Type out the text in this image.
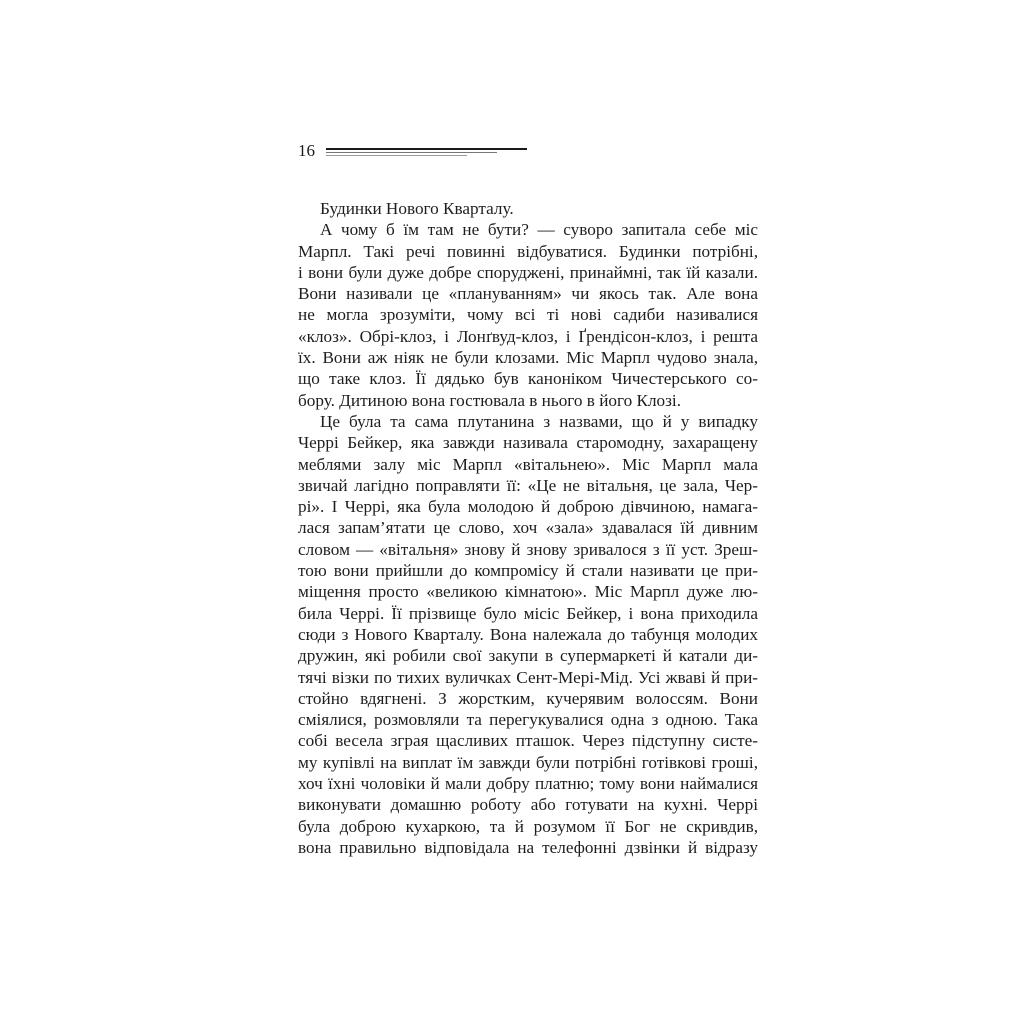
16
Будинки Нового Кварталу.
А чому б їм там не бути? — суворо запитала себе міс
Марпл. Такі речі повинні відбуватися. Будинки потрібні,
і вони були дуже добре споруджені, принаймні, так їй казали.
Вони називали це «плануванням» чи якось так. Але вона
не могла зрозуміти, чому всі ті нові садиби називалися
«клоз». Обрі-клоз, і Лонґвуд-клоз, і Ґрендісон-клоз, і решта
їх. Вони аж ніяк не були клозами. Міс Марпл чудово знала,
що таке клоз. Її дядько був каноніком Чичестерського со-
бору. Дитиною вона гостювала в нього в його Клозі.
Це була та сама плутанина з назвами, що й у випадку
Черрі Бейкер, яка завжди називала старомодну, захаращену
меблями залу міс Марпл «вітальнею». Міс Марпл мала
звичай лагідно поправляти її: «Це не вітальня, це зала, Чер-
рі». І Черрі, яка була молодою й доброю дівчиною, намага-
лася запам’ятати це слово, хоч «зала» здавалася їй дивним
словом — «вітальня» знову й знову зривалося з її уст. Зреш-
тою вони прийшли до компромісу й стали називати це при-
міщення просто «великою кімнатою». Міс Марпл дуже лю-
била Черрі. Її прізвище було місіс Бейкер, і вона приходила
сюди з Нового Кварталу. Вона належала до табунця молодих
дружин, які робили свої закупи в супермаркеті й катали ди-
тячі візки по тихих вуличках Сент-Мері-Мід. Усі жваві й при-
стойно вдягнені. З жорстким, кучерявим волоссям. Вони
сміялися, розмовляли та перегукувалися одна з одною. Така
собі весела зграя щасливих пташок. Через підступну систе-
му купівлі на виплат їм завжди були потрібні готівкові гроші,
хоч їхні чоловіки й мали добру платню; тому вони наймалися
виконувати домашню роботу або готувати на кухні. Черрі
була доброю кухаркою, та й розумом її Бог не скривдив,
вона правильно відповідала на телефонні дзвінки й відразу
